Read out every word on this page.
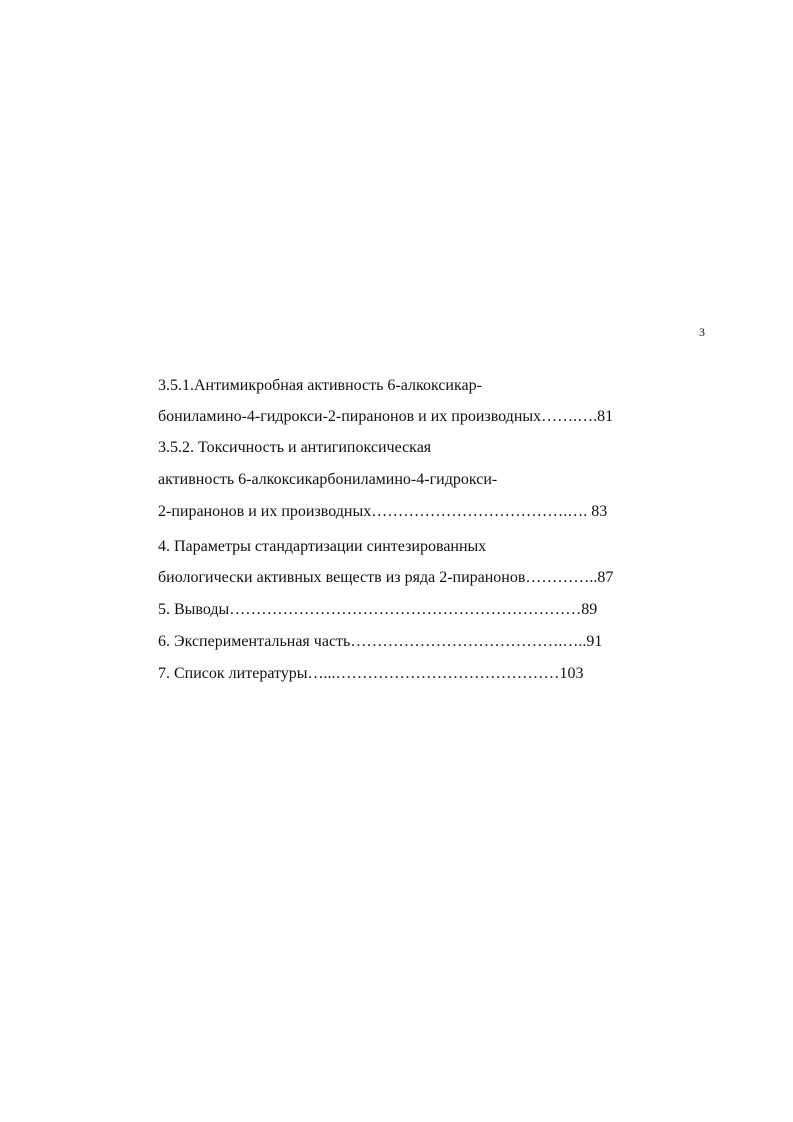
3
3.5.1.Антимикробная активность 6-алкоксикар-
бониламино-4-гидрокси-2-пиранонов и их производных…….….81
3.5.2. Токсичность и антигипоксическая
активность 6-алкоксикарбониламино-4-гидрокси-
2-пиранонов и их производных……………………………….…. 83
4. Параметры стандартизации синтезированных
биологически активных веществ из ряда 2-пиранонов…………..87
5. Выводы…………………………………………………………89
6. Экспериментальная часть………………………………….…..91
7. Список литературы…...……………………………………103
